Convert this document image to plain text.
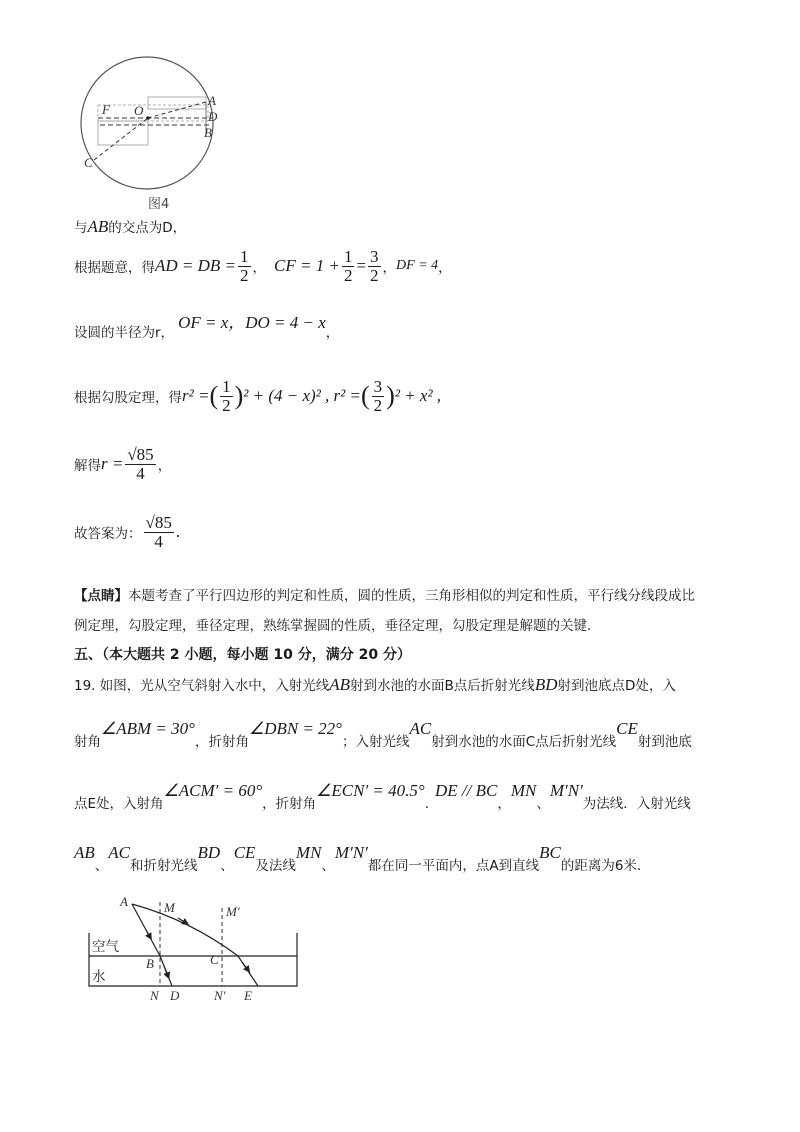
F O
A
D
B
C
图4
与AB的交点为D，
根据题意，得 AD = DB = $\frac{1}{2}$ ， CF = $1 + \frac{1}{2} = \frac{3}{2}$ ， DF = 4 ，
设圆的半径为r，
OF = x，DO = 4 − x
，
根据勾股定理，得 r² = ( $\frac{1}{2}$ ) ² + (4 − x)² , r² = ( $\frac{3}{2}$ ) ² + x² ,
解得 $r = \frac{√85}{4}$ ，
故答案为： $\frac{√85}{4}$ .
【点睛】本题考查了平行四边形的判定和性质，圆的性质，三角形相似的判定和性质，平行线分线段成比
例定理，勾股定理，垂径定理，熟练掌握圆的性质，垂径定理，勾股定理是解题的关键．
五、（本大题共 2 小题，每小题 10 分，满分 20 分）
19. 如图，光从空气斜射入水中，入射光线AB射到水池的水面B点后折射光线BD射到池底点D处，入
射角∠ABM = 30°，折射角∠DBN = 22°；入射光线AC射到水池的水面C点后折射光线CE射到池底
点E处，入射角∠ACM′ = 60°，折射角∠ECN′ = 40.5°.DE // BC，MN、M′N′为法线．入射光线
AB、AC和折射光线BD、CE及法线MN、M′N′都在同一平面内，点A到直线BC的距离为6米．
空气
水
A	M	M′
B	C
N D	N′ E
